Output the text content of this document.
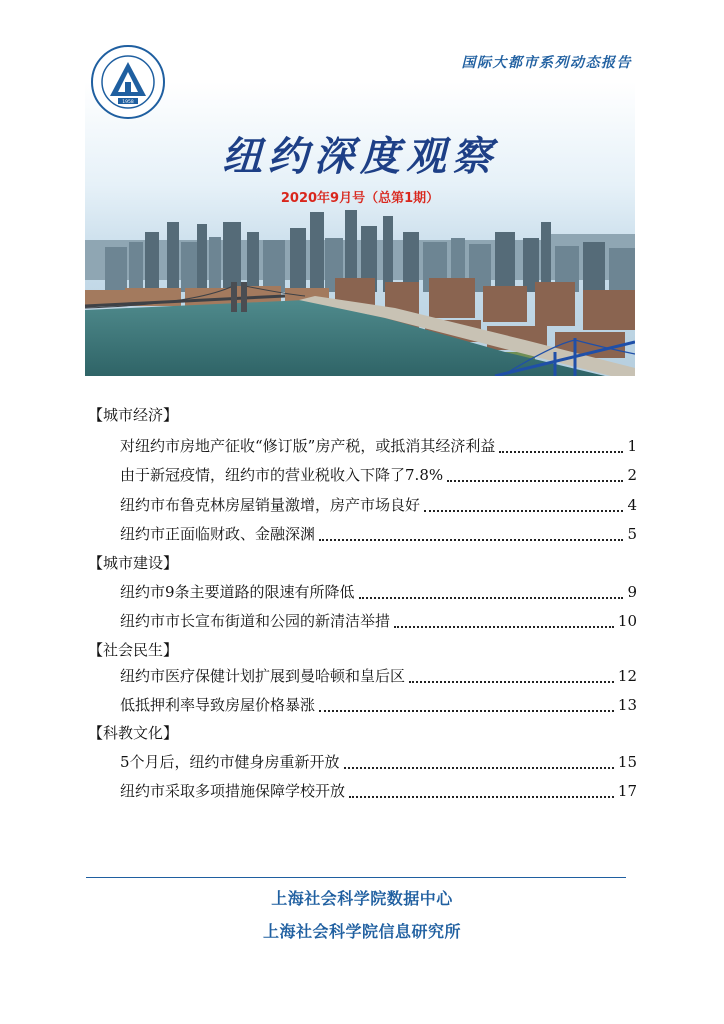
国际大都市系列动态报告
1958
纽约深度观察
2020年9月号（总第1期）
【城市经济】
对纽约市房地产征收“修订版”房产税，或抵消其经济利益	1
由于新冠疫情，纽约市的营业税收入下降了7.8%	2
纽约市布鲁克林房屋销量激增，房产市场良好	4
纽约市正面临财政、金融深渊	5
【城市建设】
纽约市9条主要道路的限速有所降低	9
纽约市市长宣布街道和公园的新清洁举措	10
【社会民生】
纽约市医疗保健计划扩展到曼哈顿和皇后区	12
低抵押利率导致房屋价格暴涨	13
【科教文化】
5个月后，纽约市健身房重新开放	15
纽约市采取多项措施保障学校开放	17
上海社会科学院数据中心
上海社会科学院信息研究所
